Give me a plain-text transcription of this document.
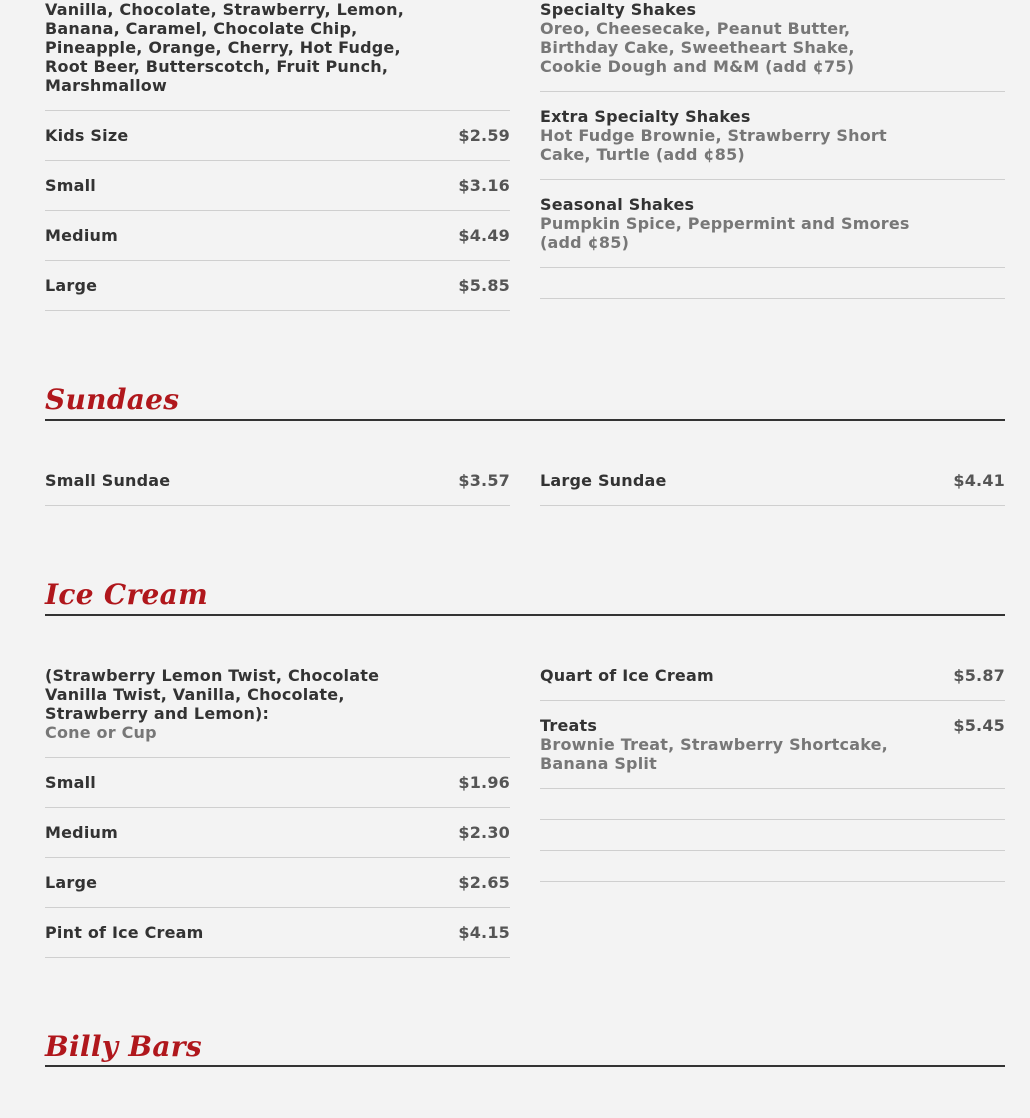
Vanilla, Chocolate, Strawberry, Lemon, Banana, Caramel, Chocolate Chip, Pineapple, Orange, Cherry, Hot Fudge, Root Beer, Butterscotch, Fruit Punch, Marshmallow
Kids Size	$2.59
Small	$3.16
Medium	$4.49
Large	$5.85
Specialty Shakes
Oreo, Cheesecake, Peanut Butter, Birthday Cake, Sweetheart Shake, Cookie Dough and M&M (add ¢75)
Extra Specialty Shakes
Hot Fudge Brownie, Strawberry Short Cake, Turtle (add ¢85)
Seasonal Shakes
Pumpkin Spice, Peppermint and Smores (add ¢85)
Sundaes
Small Sundae	$3.57 Large Sundae	$4.41
Ice Cream
(Strawberry Lemon Twist, Chocolate Vanilla Twist, Vanilla, Chocolate, Strawberry and Lemon):
Cone or Cup
Small	$1.96
Medium	$2.30
Large	$2.65
Pint of Ice Cream	$4.15
Quart of Ice Cream	$5.87
Treats	$5.45
Brownie Treat, Strawberry Shortcake, Banana Split
Billy Bars
